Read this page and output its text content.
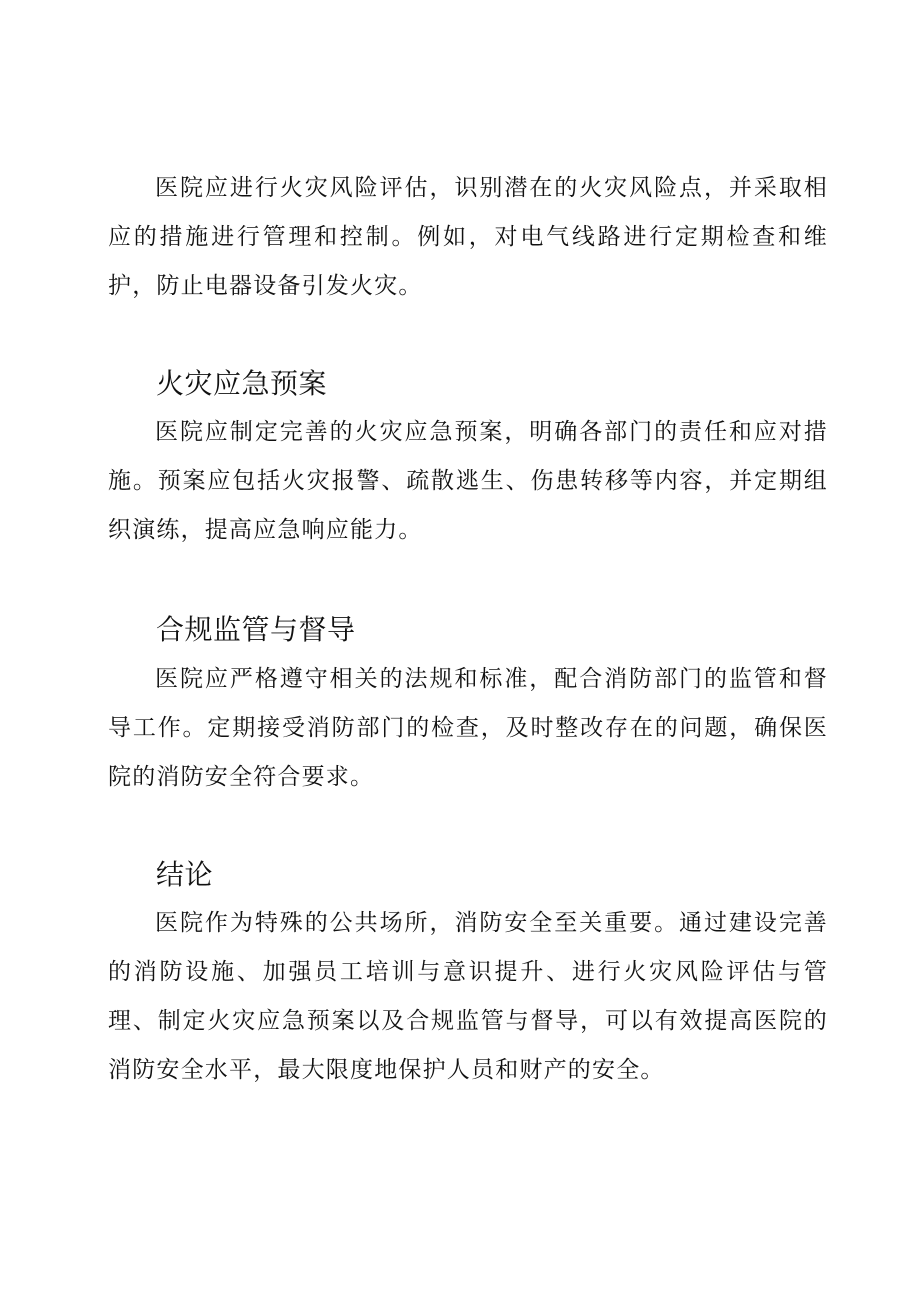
医院应进行火灾风险评估，识别潜在的火灾风险点，并采取相应的措施进行管理和控制。例如，对电气线路进行定期检查和维护，防止电器设备引发火灾。

火灾应急预案

医院应制定完善的火灾应急预案，明确各部门的责任和应对措施。预案应包括火灾报警、疏散逃生、伤患转移等内容，并定期组织演练，提高应急响应能力。

合规监管与督导

医院应严格遵守相关的法规和标准，配合消防部门的监管和督导工作。定期接受消防部门的检查，及时整改存在的问题，确保医院的消防安全符合要求。

结论

医院作为特殊的公共场所，消防安全至关重要。通过建设完善的消防设施、加强员工培训与意识提升、进行火灾风险评估与管理、制定火灾应急预案以及合规监管与督导，可以有效提高医院的消防安全水平，最大限度地保护人员和财产的安全。
